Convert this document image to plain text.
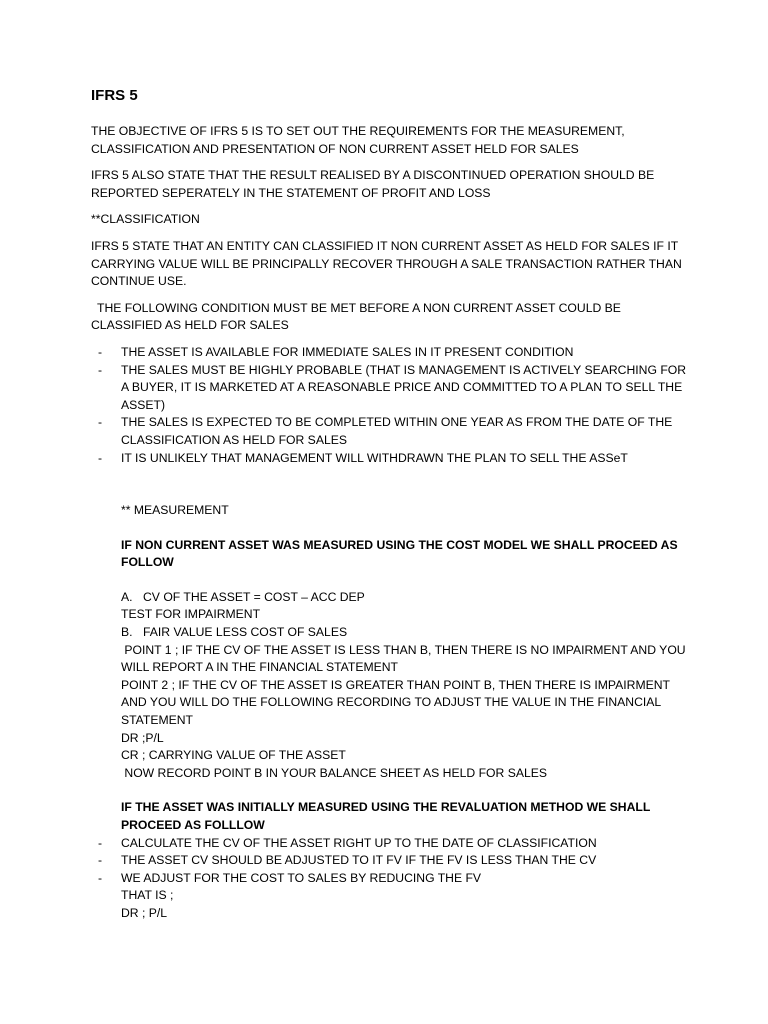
IFRS 5

THE OBJECTIVE OF IFRS 5 IS TO SET OUT THE REQUIREMENTS FOR THE MEASUREMENT, CLASSIFICATION AND PRESENTATION OF NON CURRENT ASSET HELD FOR SALES

IFRS 5 ALSO STATE THAT THE RESULT REALISED BY A DISCONTINUED OPERATION SHOULD BE REPORTED SEPERATELY IN THE STATEMENT OF PROFIT AND LOSS

**CLASSIFICATION

IFRS 5 STATE THAT AN ENTITY CAN CLASSIFIED IT NON CURRENT ASSET AS HELD FOR SALES IF IT CARRYING VALUE WILL BE PRINCIPALLY RECOVER THROUGH A SALE TRANSACTION RATHER THAN CONTINUE USE.

THE FOLLOWING CONDITION MUST BE MET BEFORE A NON CURRENT ASSET COULD BE CLASSIFIED AS HELD FOR SALES

- THE ASSET IS AVAILABLE FOR IMMEDIATE SALES IN IT PRESENT CONDITION
- THE SALES MUST BE HIGHLY PROBABLE (THAT IS MANAGEMENT IS ACTIVELY SEARCHING FOR A BUYER, IT IS MARKETED AT A REASONABLE PRICE AND COMMITTED TO A PLAN TO SELL THE ASSET)
- THE SALES IS EXPECTED TO BE COMPLETED WITHIN ONE YEAR AS FROM THE DATE OF THE CLASSIFICATION AS HELD FOR SALES
- IT IS UNLIKELY THAT MANAGEMENT WILL WITHDRAWN THE PLAN TO SELL THE ASSeT

** MEASUREMENT

IF NON CURRENT ASSET WAS MEASURED USING THE COST MODEL WE SHALL PROCEED AS FOLLOW

A. CV OF THE ASSET = COST – ACC DEP
TEST FOR IMPAIRMENT
B. FAIR VALUE LESS COST OF SALES
POINT 1 ; IF THE CV OF THE ASSET IS LESS THAN B, THEN THERE IS NO IMPAIRMENT AND YOU WILL REPORT A IN THE FINANCIAL STATEMENT
POINT 2 ; IF THE CV OF THE ASSET IS GREATER THAN POINT B, THEN THERE IS IMPAIRMENT AND YOU WILL DO THE FOLLOWING RECORDING TO ADJUST THE VALUE IN THE FINANCIAL STATEMENT
DR ;P/L
CR ; CARRYING VALUE OF THE ASSET
NOW RECORD POINT B IN YOUR BALANCE SHEET AS HELD FOR SALES

IF THE ASSET WAS INITIALLY MEASURED USING THE REVALUATION METHOD WE SHALL PROCEED AS FOLLLOW

- CALCULATE THE CV OF THE ASSET RIGHT UP TO THE DATE OF CLASSIFICATION
- THE ASSET CV SHOULD BE ADJUSTED TO IT FV IF THE FV IS LESS THAN THE CV
- WE ADJUST FOR THE COST TO SALES BY REDUCING THE FV
THAT IS ;
DR ; P/L
